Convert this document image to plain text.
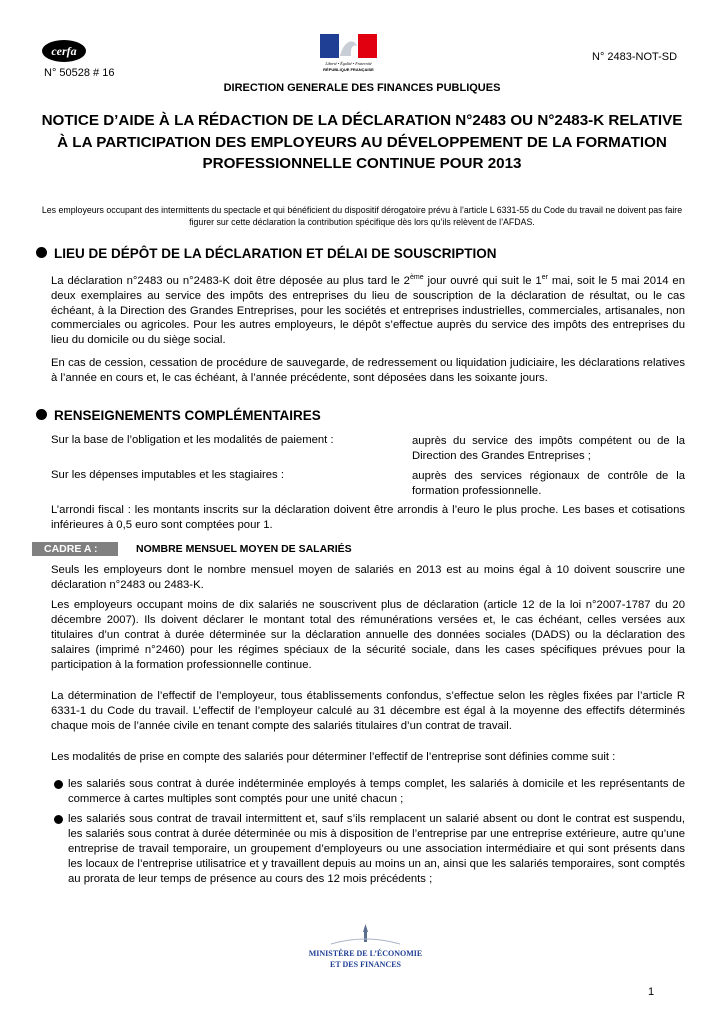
cerfa
N° 50528 # 16
Liberté • Égalité • Fraternité
RÉPUBLIQUE FRANÇAISE
N° 2483-NOT-SD
DIRECTION GENERALE DES FINANCES PUBLIQUES
NOTICE D’AIDE À LA RÉDACTION DE LA DÉCLARATION N°2483 OU N°2483-K RELATIVE À LA PARTICIPATION DES EMPLOYEURS AU DÉVELOPPEMENT DE LA FORMATION PROFESSIONNELLE CONTINUE POUR 2013
Les employeurs occupant des intermittents du spectacle et qui bénéficient du dispositif dérogatoire prévu à l’article L 6331-55 du Code du travail ne doivent pas faire figurer sur cette déclaration la contribution spécifique dès lors qu’ils relèvent de l’AFDAS.
LIEU DE DÉPÔT DE LA DÉCLARATION ET DÉLAI DE SOUSCRIPTION
La déclaration n°2483 ou n°2483-K doit être déposée au plus tard le 2ème jour ouvré qui suit le 1er mai, soit le 5 mai 2014 en deux exemplaires au service des impôts des entreprises du lieu de souscription de la déclaration de résultat, ou le cas échéant, à la Direction des Grandes Entreprises, pour les sociétés et entreprises industrielles, commerciales, artisanales, non commerciales ou agricoles. Pour les autres employeurs, le dépôt s’effectue auprès du service des impôts des entreprises du lieu du domicile ou du siège social.
En cas de cession, cessation de procédure de sauvegarde, de redressement ou liquidation judiciaire, les déclarations relatives à l’année en cours et, le cas échéant, à l’année précédente, sont déposées dans les soixante jours.
RENSEIGNEMENTS COMPLÉMENTAIRES
Sur la base de l’obligation et les modalités de paiement :	auprès du service des impôts compétent ou de la Direction des Grandes Entreprises ;
Sur les dépenses imputables et les stagiaires :	auprès des services régionaux de contrôle de la formation professionnelle.
L’arrondi fiscal : les montants inscrits sur la déclaration doivent être arrondis à l’euro le plus proche. Les bases et cotisations inférieures à 0,5 euro sont comptées pour 1.
CADRE A :	NOMBRE MENSUEL MOYEN DE SALARIÉS
Seuls les employeurs dont le nombre mensuel moyen de salariés en 2013 est au moins égal à 10 doivent souscrire une déclaration n°2483 ou 2483-K.
Les employeurs occupant moins de dix salariés ne souscrivent plus de déclaration (article 12 de la loi n°2007-1787 du 20 décembre 2007). Ils doivent déclarer le montant total des rémunérations versées et, le cas échéant, celles versées aux titulaires d’un contrat à durée déterminée sur la déclaration annuelle des données sociales (DADS) ou la déclaration des salaires (imprimé n°2460) pour les régimes spéciaux de la sécurité sociale, dans les cases spécifiques prévues pour la participation à la formation professionnelle continue.
La détermination de l’effectif de l’employeur, tous établissements confondus, s’effectue selon les règles fixées par l’article R 6331-1 du Code du travail. L’effectif de l’employeur calculé au 31 décembre est égal à la moyenne des effectifs déterminés chaque mois de l’année civile en tenant compte des salariés titulaires d’un contrat de travail.
Les modalités de prise en compte des salariés pour déterminer l’effectif de l’entreprise sont définies comme suit :
les salariés sous contrat à durée indéterminée employés à temps complet, les salariés à domicile et les représentants de commerce à cartes multiples sont comptés pour une unité chacun ;
les salariés sous contrat de travail intermittent et, sauf s’ils remplacent un salarié absent ou dont le contrat est suspendu, les salariés sous contrat à durée déterminée ou mis à disposition de l’entreprise par une entreprise extérieure, autre qu’une entreprise de travail temporaire, un groupement d’employeurs ou une association intermédiaire et qui sont présents dans les locaux de l’entreprise utilisatrice et y travaillent depuis au moins un an, ainsi que les salariés temporaires, sont comptés au prorata de leur temps de présence au cours des 12 mois précédents ;
MINISTÈRE DE L’ÉCONOMIE
ET DES FINANCES
1
